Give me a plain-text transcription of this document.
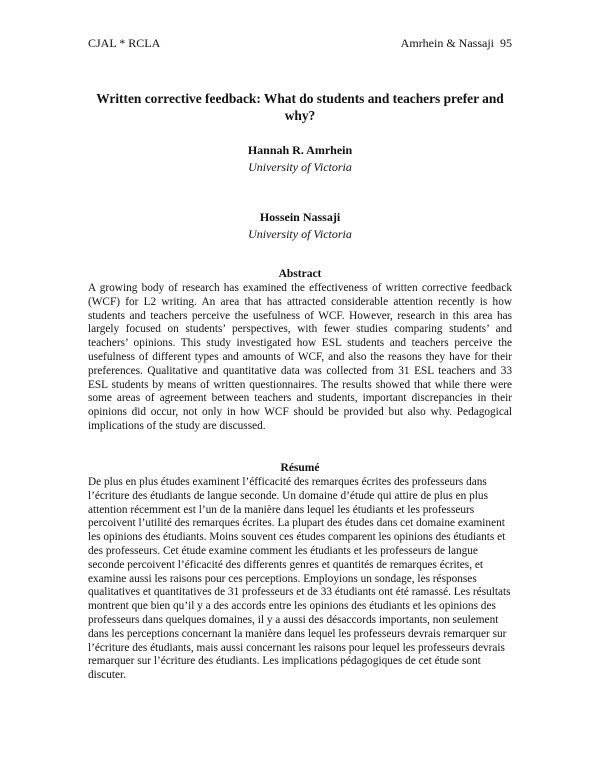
CJAL * RCLA	Amrhein & Nassaji 95
Written corrective feedback: What do students and teachers prefer and why?
Hannah R. Amrhein
University of Victoria
Hossein Nassaji
University of Victoria
Abstract

A growing body of research has examined the effectiveness of written corrective feedback (WCF) for L2 writing. An area that has attracted considerable attention recently is how students and teachers perceive the usefulness of WCF. However, research in this area has largely focused on students’ perspectives, with fewer studies comparing students’ and teachers’ opinions. This study investigated how ESL students and teachers perceive the usefulness of different types and amounts of WCF, and also the reasons they have for their preferences. Qualitative and quantitative data was collected from 31 ESL teachers and 33 ESL students by means of written questionnaires. The results showed that while there were some areas of agreement between teachers and students, important discrepancies in their opinions did occur, not only in how WCF should be provided but also why. Pedagogical implications of the study are discussed.

Résumé

De plus en plus études examinent l’éfficacité des remarques écrites des professeurs dans l’écriture des étudiants de langue seconde. Un domaine d’étude qui attire de plus en plus attention récemment est l’un de la manière dans lequel les étudiants et les professeurs percoivent l’utilité des remarques écrites. La plupart des études dans cet domaine examinent les opinions des étudiants. Moins souvent ces études comparent les opinions des étudiants et des professeurs. Cet étude examine comment les étudiants et les professeurs de langue seconde percoivent l’éficacité des differents genres et quantités de remarques écrites, et examine aussi les raisons pour ces perceptions. Employions un sondage, les résponses qualitatives et quantitatives de 31 professeurs et de 33 étudiants ont été ramassé. Les résultats montrent que bien qu’il y a des accords entre les opinions des étudiants et les opinions des professeurs dans quelques domaines, il y a aussi des désaccords importants, non seulement dans les perceptions concernant la manière dans lequel les professeurs devrais remarquer sur l’écriture des étudiants, mais aussi concernant les raisons pour lequel les professeurs devrais remarquer sur l’écriture des étudiants. Les implications pédagogiques de cet étude sont discuter.
